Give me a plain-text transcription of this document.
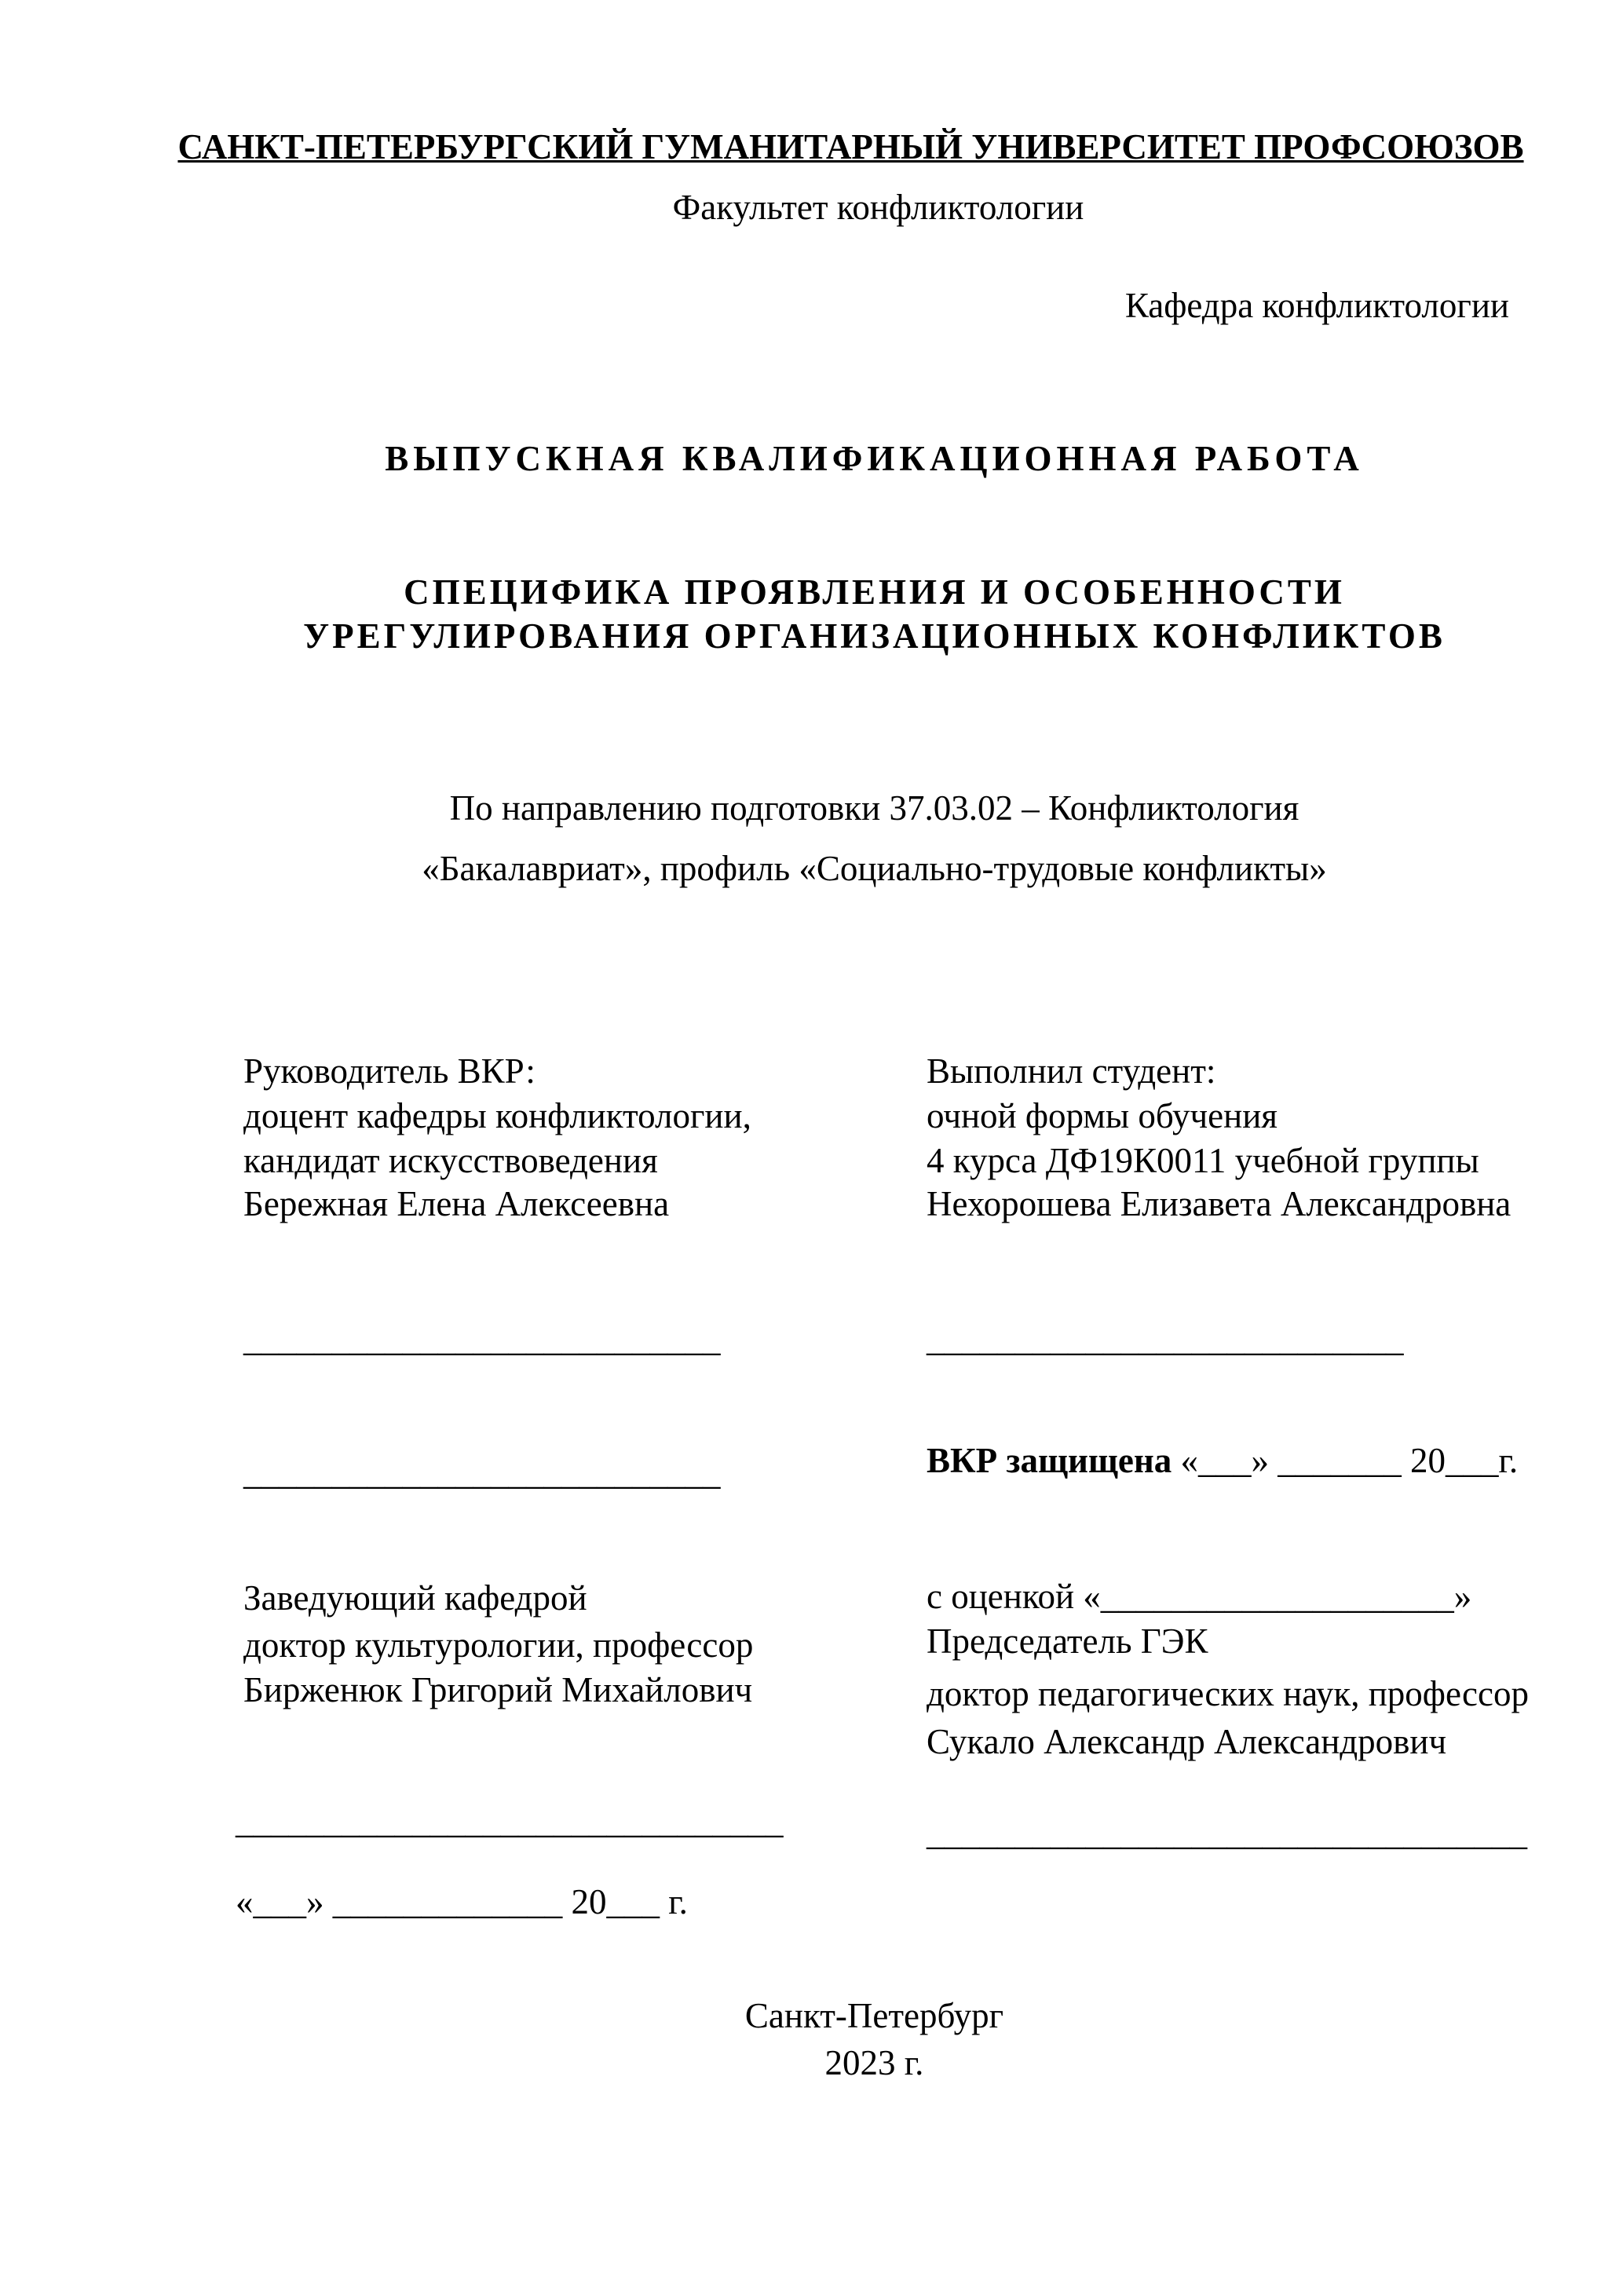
САНКТ-ПЕТЕРБУРГСКИЙ ГУМАНИТАРНЫЙ УНИВЕРСИТЕТ ПРОФСОЮЗОВ
Факультет конфликтологии
Кафедра конфликтологии
ВЫПУСКНАЯ КВАЛИФИКАЦИОННАЯ РАБОТА
СПЕЦИФИКА ПРОЯВЛЕНИЯ И ОСОБЕННОСТИ
УРЕГУЛИРОВАНИЯ ОРГАНИЗАЦИОННЫХ КОНФЛИКТОВ
По направлению подготовки 37.03.02 – Конфликтология
«Бакалавриат», профиль «Социально-трудовые конфликты»
Руководитель ВКР:
доцент кафедры конфликтологии,
кандидат искусствоведения
Бережная Елена Алексеевна
___________________________
___________________________
Выполнил студент:
очной формы обучения
4 курса ДФ19К0011 учебной группы
Нехорошева Елизавета Александровна
___________________________
ВКР защищена «___» _______ 20___г.
Заведующий кафедрой
доктор культурологии, профессор
Бирженюк Григорий Михайлович
_______________________________
«___» _____________ 20___ г.
с оценкой «____________________»
Председатель ГЭК
доктор педагогических наук, профессор
Сукало Александр Александрович
__________________________________
Санкт-Петербург
2023 г.
